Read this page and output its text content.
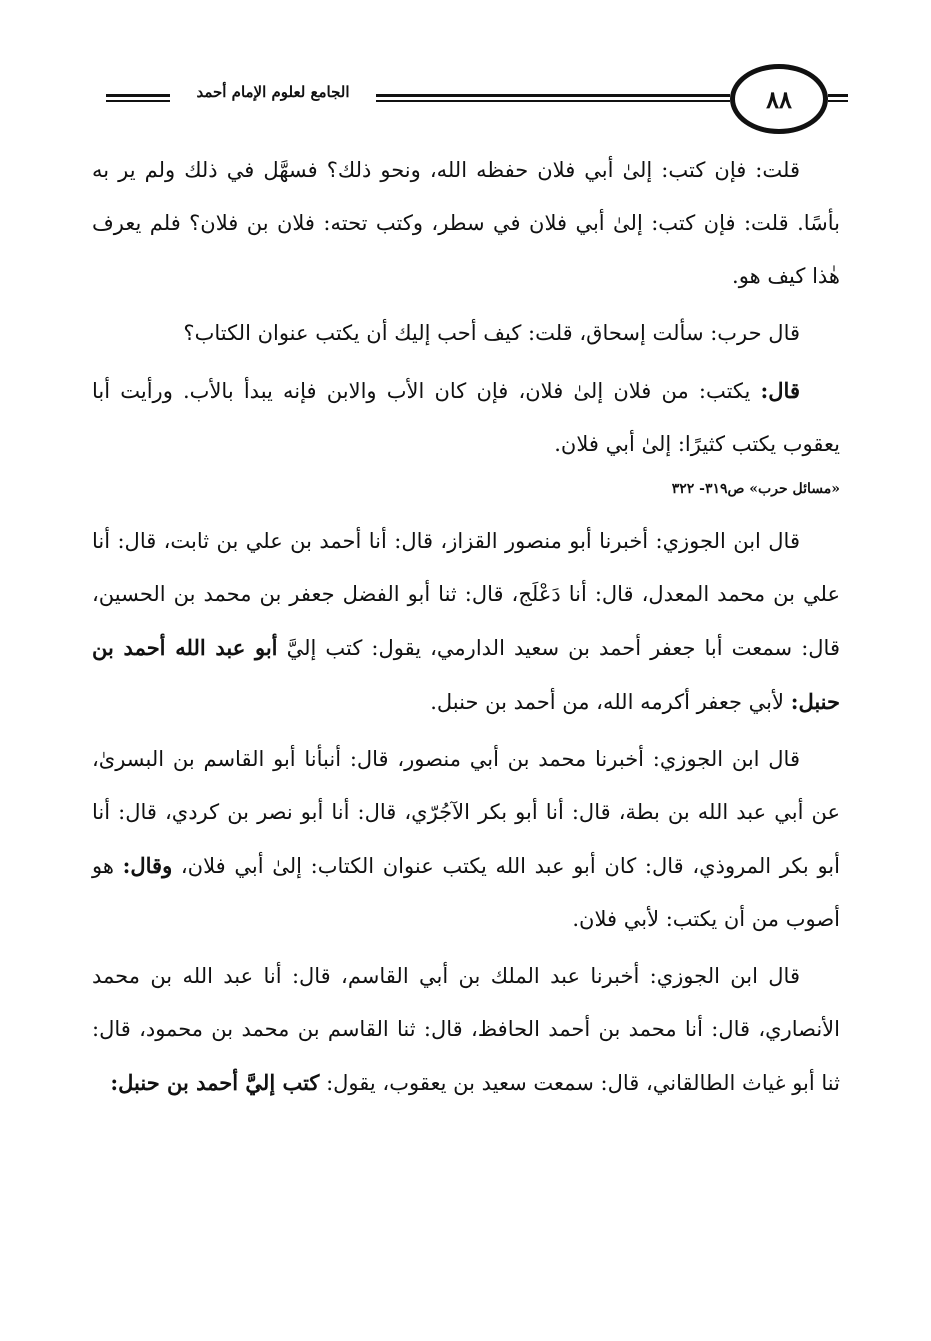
٨٨
الجامع لعلوم الإمام أحمد

قلت: فإن كتب: إلىٰ أبي فلان حفظه الله، ونحو ذلك؟ فسهَّل في ذلك ولم ير به بأسًا. قلت: فإن كتب: إلىٰ أبي فلان في سطر، وكتب تحته: فلان بن فلان؟ فلم يعرف هٰذا كيف هو.

قال حرب: سألت إسحاق، قلت: كيف أحب إليك أن يكتب عنوان الكتاب؟

قال: يكتب: من فلان إلىٰ فلان، فإن كان الأب والابن فإنه يبدأ بالأب. ورأيت أبا يعقوب يكتب كثيرًا: إلىٰ أبي فلان.

«مسائل حرب» ص٣١٩- ٣٢٢

قال ابن الجوزي: أخبرنا أبو منصور القزاز، قال: أنا أحمد بن علي بن ثابت، قال: أنا علي بن محمد المعدل، قال: أنا دَعْلَج، قال: ثنا أبو الفضل جعفر بن محمد بن الحسين، قال: سمعت أبا جعفر أحمد بن سعيد الدارمي، يقول: كتب إليَّ أبو عبد الله أحمد بن حنبل: لأبي جعفر أكرمه الله، من أحمد بن حنبل.

قال ابن الجوزي: أخبرنا محمد بن أبي منصور، قال: أنبأنا أبو القاسم بن البسرىٰ، عن أبي عبد الله بن بطة، قال: أنا أبو بكر الآجُرّي، قال: أنا أبو نصر بن كردي، قال: أنا أبو بكر المروذي، قال: كان أبو عبد الله يكتب عنوان الكتاب: إلىٰ أبي فلان، وقال: هو أصوب من أن يكتب: لأبي فلان.

قال ابن الجوزي: أخبرنا عبد الملك بن أبي القاسم، قال: أنا عبد الله بن محمد الأنصاري، قال: أنا محمد بن أحمد الحافظ، قال: ثنا القاسم بن محمد بن محمود، قال: ثنا أبو غياث الطالقاني، قال: سمعت سعيد بن يعقوب، يقول: كتب إليَّ أحمد بن حنبل:
